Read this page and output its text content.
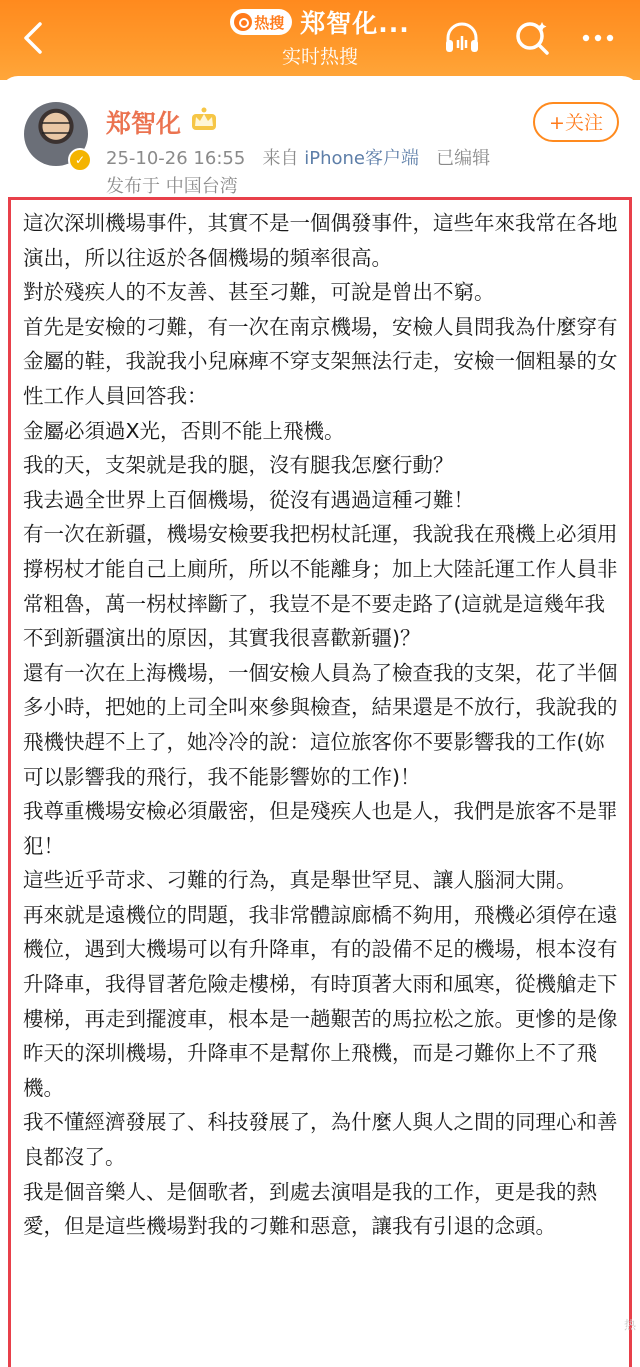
热搜 郑智化...
实时热搜
✓
郑智化
25-10-26 16:55 来自 iPhone客户端 已编辑
发布于 中国台湾
+关注

這次深圳機場事件，其實不是一個偶發事件，這些年來我常在各地演出，所以往返於各個機場的頻率很高。

對於殘疾人的不友善、甚至刁難，可說是曾出不窮。

首先是安檢的刁難，有一次在南京機場，安檢人員問我為什麼穿有金屬的鞋，我說我小兒麻痺不穿支架無法行走，安檢一個粗暴的女性工作人員回答我：

金屬必須過X光，否則不能上飛機。

我的天，支架就是我的腿，沒有腿我怎麼行動？

我去過全世界上百個機場，從沒有遇過這種刁難！

有一次在新疆，機場安檢要我把柺杖託運，我說我在飛機上必須用撐柺杖才能自己上廁所，所以不能離身；加上大陸託運工作人員非常粗魯，萬一柺杖摔斷了，我豈不是不要走路了(這就是這幾年我不到新疆演出的原因，其實我很喜歡新疆)？

還有一次在上海機場，一個安檢人員為了檢查我的支架，花了半個多小時，把她的上司全叫來參與檢查，結果還是不放行，我說我的飛機快趕不上了，她冷冷的說：這位旅客你不要影響我的工作(妳可以影響我的飛行，我不能影響妳的工作)！

我尊重機場安檢必須嚴密，但是殘疾人也是人，我們是旅客不是罪犯！

這些近乎苛求、刁難的行為，真是舉世罕見、讓人腦洞大開。

再來就是遠機位的問題，我非常體諒廊橋不夠用，飛機必須停在遠機位，遇到大機場可以有升降車，有的設備不足的機場，根本沒有升降車，我得冒著危險走樓梯，有時頂著大雨和風寒，從機艙走下樓梯，再走到擺渡車，根本是一趟艱苦的馬拉松之旅。更慘的是像昨天的深圳機場，升降車不是幫你上飛機，而是刁難你上不了飛機。

我不懂經濟發展了、科技發展了，為什麼人與人之間的同理心和善良都沒了。

我是個音樂人、是個歌者，到處去演唱是我的工作，更是我的熱愛，但是這些機場對我的刁難和惡意，讓我有引退的念頭。

热
